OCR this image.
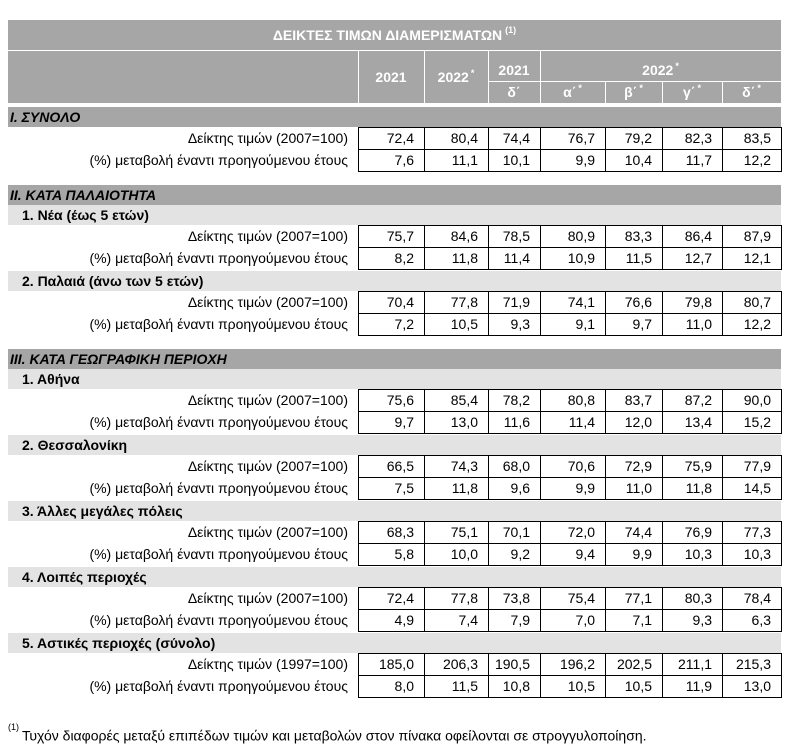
ΔΕΙΚΤΕΣ ΤΙΜΩΝ ΔΙΑΜΕΡΙΣΜΑΤΩΝ $^{(1)}$
2021 2022* 2021	2022*
δ΄	α΄*	β΄*	γ΄*	δ΄*
I. ΣΥΝΟΛΟ
Δείκτης τιμών (2007=100)	72,4	80,4	74,4	76,7	79,2	82,3	83,5
(%) μεταβολή έναντι προηγούμενου έτους	7,6	11,1	10,1	9,9	10,4	11,7	12,2
II. ΚΑΤΑ ΠΑΛΑΙΟΤΗΤΑ
1. Νέα (έως 5 ετών)
Δείκτης τιμών (2007=100)	75,7	84,6	78,5	80,9	83,3	86,4	87,9
(%) μεταβολή έναντι προηγούμενου έτους	8,2	11,8	11,4	10,9	11,5	12,7	12,1
2. Παλαιά (άνω των 5 ετών)
Δείκτης τιμών (2007=100)	70,4	77,8	71,9	74,1	76,6	79,8	80,7
(%) μεταβολή έναντι προηγούμενου έτους	7,2	10,5	9,3	9,1	9,7	11,0	12,2
III. ΚΑΤΑ ΓΕΩΓΡΑΦΙΚΗ ΠΕΡΙΟΧΗ
1. Αθήνα
Δείκτης τιμών (2007=100)	75,6	85,4	78,2	80,8	83,7	87,2	90,0
(%) μεταβολή έναντι προηγούμενου έτους	9,7	13,0	11,6	11,4	12,0	13,4	15,2
2. Θεσσαλονίκη
Δείκτης τιμών (2007=100)	66,5	74,3	68,0	70,6	72,9	75,9	77,9
(%) μεταβολή έναντι προηγούμενου έτους	7,5	11,8	9,6	9,9	11,0	11,8	14,5
3. Άλλες μεγάλες πόλεις
Δείκτης τιμών (2007=100)	68,3	75,1	70,1	72,0	74,4	76,9	77,3
(%) μεταβολή έναντι προηγούμενου έτους	5,8	10,0	9,2	9,4	9,9	10,3	10,3
4. Λοιπές περιοχές
Δείκτης τιμών (2007=100)	72,4	77,8	73,8	75,4	77,1	80,3	78,4
(%) μεταβολή έναντι προηγούμενου έτους	4,9	7,4	7,9	7,0	7,1	9,3	6,3
5. Αστικές περιοχές (σύνολο)
Δείκτης τιμών (1997=100)	185,0	206,3	190,5	196,2	202,5	211,1	215,3
(%) μεταβολή έναντι προηγούμενου έτους	8,0	11,5	10,8	10,5	10,5	11,9	13,0
$^{(1)}$Τυχόν διαφορές μεταξύ επιπέδων τιμών και μεταβολών στον πίνακα οφείλονται σε στρογγυλοποίηση.
